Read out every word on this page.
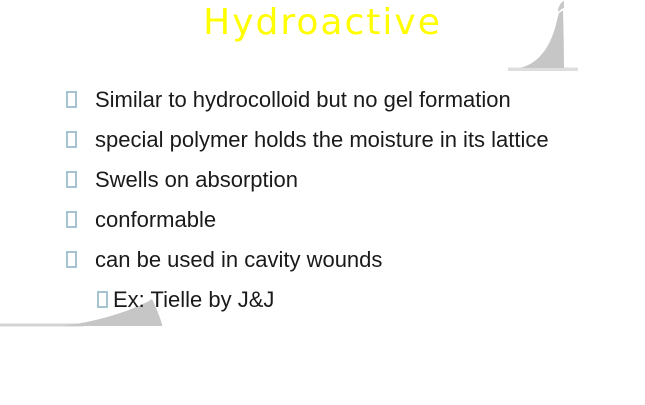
Hydroactive
Similar to hydrocolloid but no gel formation
special polymer holds the moisture in its lattice
Swells on absorption
conformable
can be used in cavity wounds
Ex: Tielle by J&J
